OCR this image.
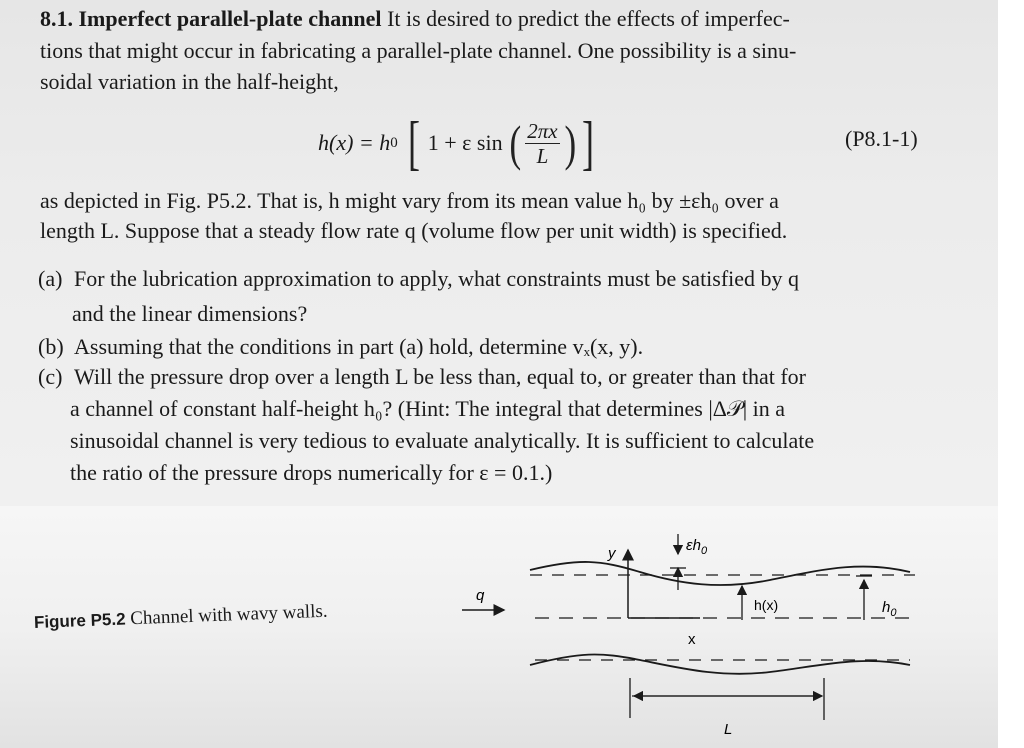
8.1. Imperfect parallel-plate channel It is desired to predict the effects of imperfec-
tions that might occur in fabricating a parallel-plate channel. One possibility is a sinu-
soidal variation in the half-height,
h(x) = h 0 [ 1 + ε sin ( $\frac{2\pi x}{L}$ ) ]	(P8.1-1)
as depicted in Fig. P5.2. That is, h might vary from its mean value h₀ by ±εh₀ over a
length L. Suppose that a steady flow rate q (volume flow per unit width) is specified.
(a) For the lubrication approximation to apply, what constraints must be satisfied by q
and the linear dimensions?
(b) Assuming that the conditions in part (a) hold, determine vₓ(x, y).
(c) Will the pressure drop over a length L be less than, equal to, or greater than that for
a channel of constant half-height h₀? (Hint: The integral that determines |Δ𝒫| in a
sinusoidal channel is very tedious to evaluate analytically. It is sufficient to calculate
the ratio of the pressure drops numerically for ε = 0.1.)
Figure P5.2 Channel with wavy walls.
y
x
$\varepsilon h_0$
q
h(x)	$h_0$
L
